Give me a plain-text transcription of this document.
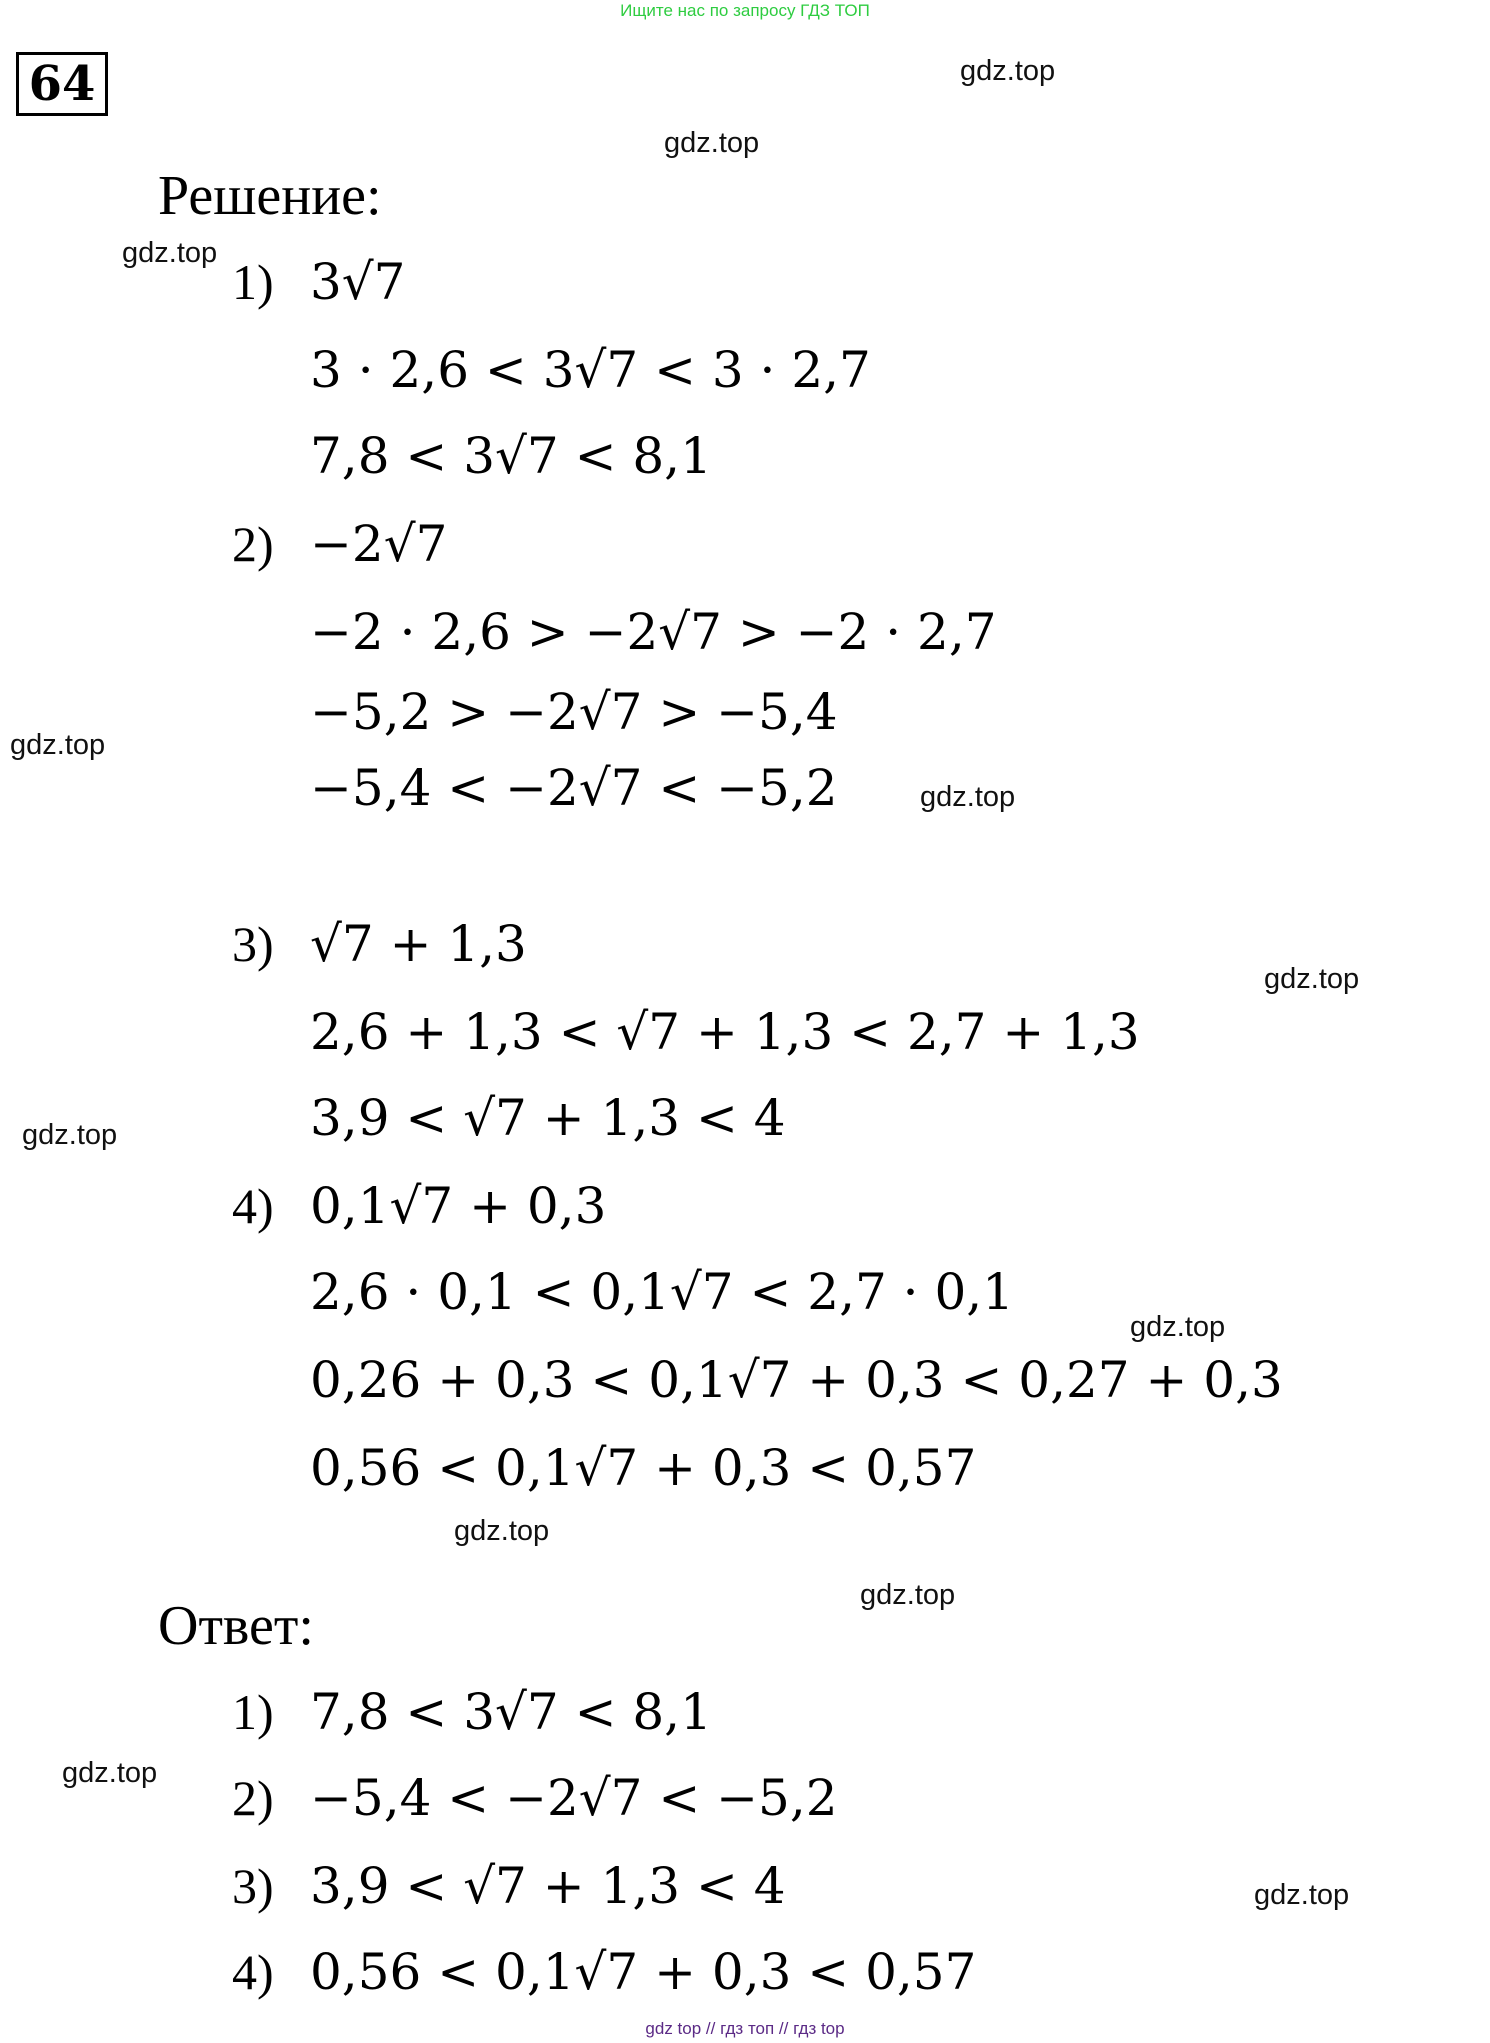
Ищите нас по запросу ГДЗ ТОП
64	gdz.top
gdz.top
gdz.top
gdz.top
gdz.top
gdz.top
gdz.top
gdz.top
gdz.top
gdz.top
gdz.top
gdz.top
Решение:
1) 3√7
3 · 2,6 < 3√7 < 3 · 2,7
7,8 < 3√7 < 8,1
2) −2√7
−2 · 2,6 > −2√7 > −2 · 2,7
−5,2 > −2√7 > −5,4
−5,4 < −2√7 < −5,2
3) √7 + 1,3
2,6 + 1,3 < √7 + 1,3 < 2,7 + 1,3
3,9 < √7 + 1,3 < 4
4) 0,1√7 + 0,3
2,6 · 0,1 < 0,1√7 < 2,7 · 0,1
0,26 + 0,3 < 0,1√7 + 0,3 < 0,27 + 0,3
0,56 < 0,1√7 + 0,3 < 0,57
Ответ:
1) 7,8 < 3√7 < 8,1
2) −5,4 < −2√7 < −5,2
3) 3,9 < √7 + 1,3 < 4
4) 0,56 < 0,1√7 + 0,3 < 0,57
gdz top // гдз топ // гдз top
